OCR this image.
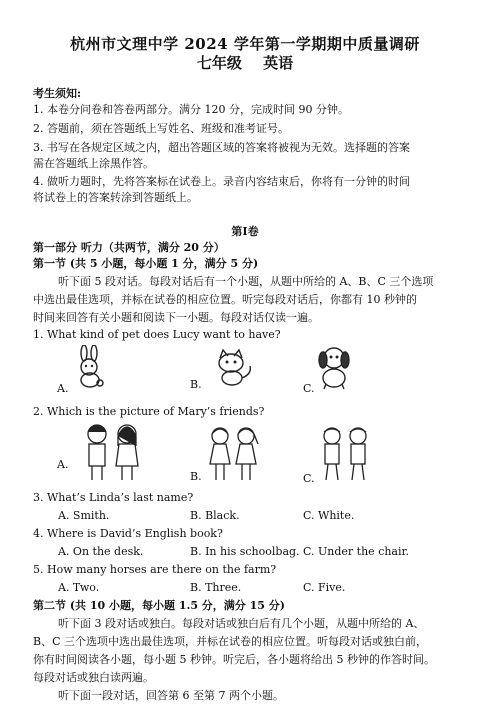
杭州市文理中学 2024 学年第一学期期中质量调研
七年级 英语
考生须知:
1. 本卷分问卷和答卷两部分。满分 120 分，完成时间 90 分钟。
2. 答题前，须在答题纸上写姓名、班级和准考证号。
3. 书写在各规定区域之内，超出答题区域的答案将被视为无效。选择题的答案
需在答题纸上涂黑作答。
4. 做听力题时，先将答案标在试卷上。录音内容结束后，你将有一分钟的时间
将试卷上的答案转涂到答题纸上。
第Ⅰ卷
第一部分 听力（共两节，满分 20 分）
第一节 (共 5 小题，每小题 1 分，满分 5 分)
听下面 5 段对话。每段对话后有一个小题，从题中所给的 A、B、C 三个选项
中选出最佳选项，并标在试卷的相应位置。听完每段对话后，你都有 10 秒钟的
时间来回答有关小题和阅读下一小题。每段对话仅读一遍。
1. What kind of pet does Lucy want to have?
A.	B.	C.
2. Which is the picture of Mary’s friends?
A.
B.	C.
3. What’s Linda’s last name?
A. Smith.	B. Black.	C. White.
4. Where is David’s English book?
A. On the desk.	B. In his schoolbag. C. Under the chair.
5. How many horses are there on the farm?
A. Two.	B. Three.	C. Five.
第二节 (共 10 小题，每小题 1.5 分，满分 15 分)
听下面 3 段对话或独白。每段对话或独白后有几个小题，从题中所给的 A、
B、C 三个选项中选出最佳选项，并标在试卷的相应位置。听每段对话或独白前，
你有时间阅读各小题，每小题 5 秒钟。听完后，各小题将给出 5 秒钟的作答时间。
每段对话或独白读两遍。
听下面一段对话，回答第 6 至第 7 两个小题。
